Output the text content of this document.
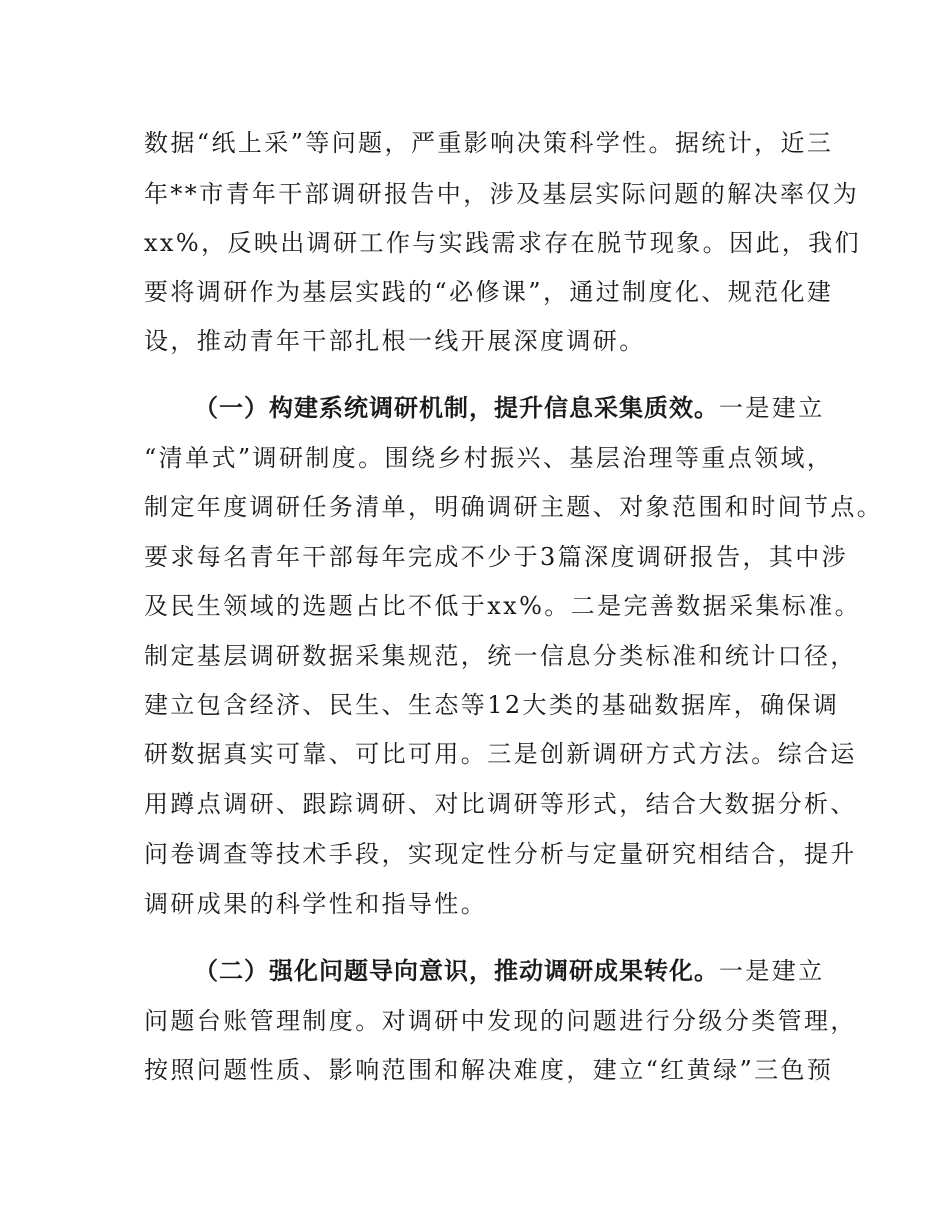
数据“纸上采”等问题，严重影响决策科学性。据统计，近三
年**市青年干部调研报告中，涉及基层实际问题的解决率仅为
xx%，反映出调研工作与实践需求存在脱节现象。因此，我们
要将调研作为基层实践的“必修课”，通过制度化、规范化建
设，推动青年干部扎根一线开展深度调研。
（一）构建系统调研机制，提升信息采集质效。一是建立
“清单式”调研制度。围绕乡村振兴、基层治理等重点领域，
制定年度调研任务清单，明确调研主题、对象范围和时间节点。
要求每名青年干部每年完成不少于3篇深度调研报告，其中涉
及民生领域的选题占比不低于xx%。二是完善数据采集标准。
制定基层调研数据采集规范，统一信息分类标准和统计口径，
建立包含经济、民生、生态等12大类的基础数据库，确保调
研数据真实可靠、可比可用。三是创新调研方式方法。综合运
用蹲点调研、跟踪调研、对比调研等形式，结合大数据分析、
问卷调查等技术手段，实现定性分析与定量研究相结合，提升
调研成果的科学性和指导性。
（二）强化问题导向意识，推动调研成果转化。一是建立
问题台账管理制度。对调研中发现的问题进行分级分类管理，
按照问题性质、影响范围和解决难度，建立“红黄绿”三色预
